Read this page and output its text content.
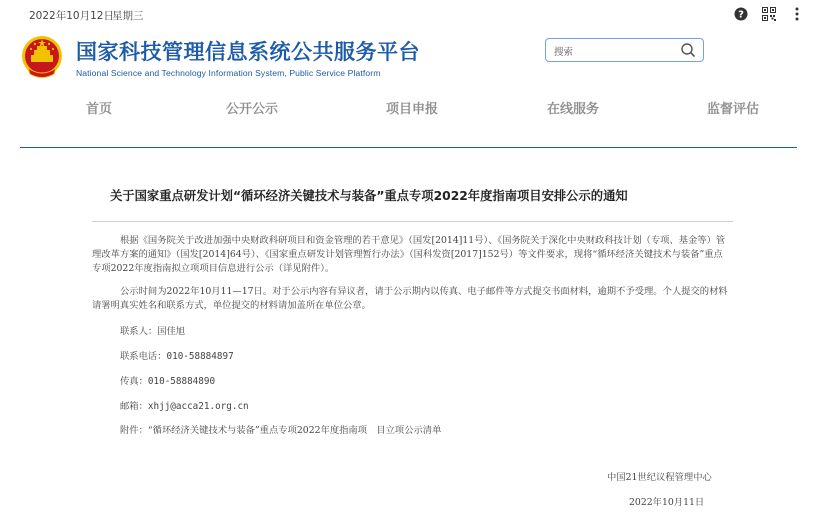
2022年10月12日
星期三	?
国家科技管理信息系统公共服务平台
National Science and Technology Information System, Public Service Platform
搜索
首页	公开公示	项目申报	在线服务	监督评估
关于国家重点研发计划“循环经济关键技术与装备”重点专项2022年度指南项目安排公示的通知
根据《国务院关于改进加强中央财政科研项目和资金管理的若干意见》（国发[2014]11号）、《国务院关于深化中央财政科技计划（专项、基金等）管理改革方案的通知》（国发[2014]64号）、《国家重点研发计划管理暂行办法》（国科发资[2017]152号）等文件要求，现将“循环经济关键技术与装备”重点专项2022年度指南拟立项项目信息进行公示（详见附件）。
公示时间为2022年10月11—17日。对于公示内容有异议者，请于公示期内以传真、电子邮件等方式提交书面材料，逾期不予受理。个人提交的材料请署明真实姓名和联系方式，单位提交的材料请加盖所在单位公章。
联系人：国佳旭
联系电话：010-58884897
传真：010-58884890
邮箱：xhjj@acca21.org.cn
附件：“循环经济关键技术与装备”重点专项2022年度指南项　目立项公示清单
中国21世纪议程管理中心
2022年10月11日
